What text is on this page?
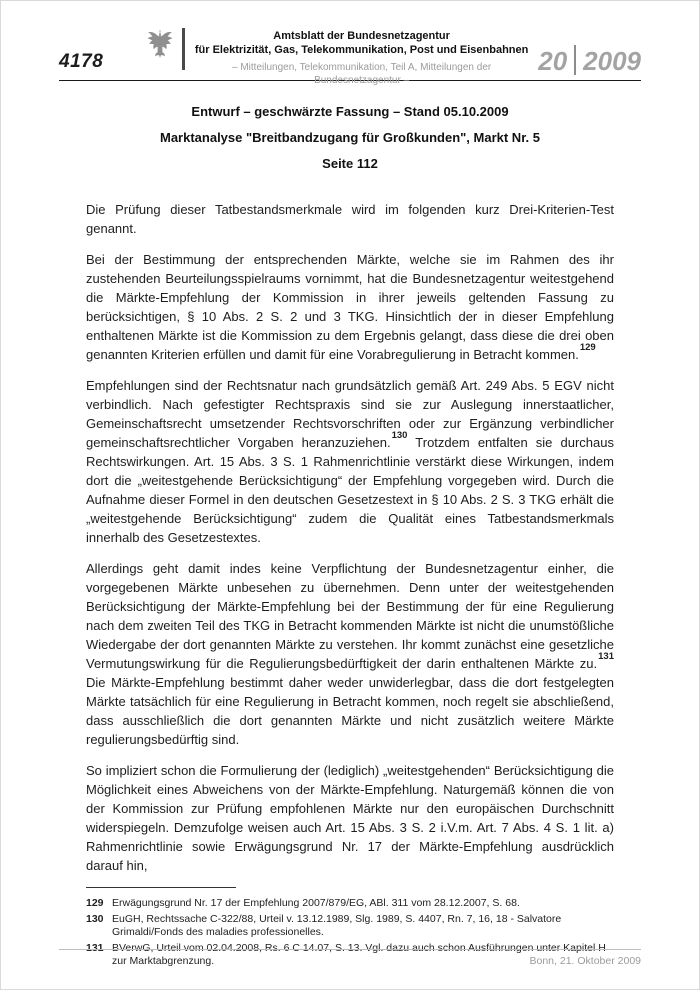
4178
Amtsblatt der Bundesnetzagentur
für Elektrizität, Gas, Telekommunikation, Post und Eisenbahnen
– Mitteilungen, Telekommunikation, Teil A, Mitteilungen der Bundesnetzagentur –
20 2009
Entwurf – geschwärzte Fassung – Stand 05.10.2009
Marktanalyse "Breitbandzugang für Großkunden", Markt Nr. 5
Seite 112

Die Prüfung dieser Tatbestandsmerkmale wird im folgenden kurz Drei-Kriterien-Test genannt.

Bei der Bestimmung der entsprechenden Märkte, welche sie im Rahmen des ihr zustehenden Beurteilungsspielraums vornimmt, hat die Bundesnetzagentur weitestgehend die Märkte-Empfehlung der Kommission in ihrer jeweils geltenden Fassung zu berücksichtigen, § 10 Abs. 2 S. 2 und 3 TKG. Hinsichtlich der in dieser Empfehlung enthaltenen Märkte ist die Kommission zu dem Ergebnis gelangt, dass diese die drei oben genannten Kriterien erfüllen und damit für eine Vorabregulierung in Betracht kommen.$^{129}$

Empfehlungen sind der Rechtsnatur nach grundsätzlich gemäß Art. 249 Abs. 5 EGV nicht verbindlich. Nach gefestigter Rechtspraxis sind sie zur Auslegung innerstaatlicher, Gemeinschaftsrecht umsetzender Rechtsvorschriften oder zur Ergänzung verbindlicher gemeinschaftsrechtlicher Vorgaben heranzuziehen.$^{130}$ Trotzdem entfalten sie durchaus Rechtswirkungen. Art. 15 Abs. 3 S. 1 Rahmenrichtlinie verstärkt diese Wirkungen, indem dort die „weitestgehende Berücksichtigung“ der Empfehlung vorgegeben wird. Durch die Aufnahme dieser Formel in den deutschen Gesetzestext in § 10 Abs. 2 S. 3 TKG erhält die „weitestgehende Berücksichtigung“ zudem die Qualität eines Tatbestandsmerkmals innerhalb des Gesetzestextes.

Allerdings geht damit indes keine Verpflichtung der Bundesnetzagentur einher, die vorgegebenen Märkte unbesehen zu übernehmen. Denn unter der weitestgehenden Berücksichtigung der Märkte-Empfehlung bei der Bestimmung der für eine Regulierung nach dem zweiten Teil des TKG in Betracht kommenden Märkte ist nicht die unumstößliche Wiedergabe der dort genannten Märkte zu verstehen. Ihr kommt zunächst eine gesetzliche Vermutungswirkung für die Regulierungsbedürftigkeit der darin enthaltenen Märkte zu.$^{131}$ Die Märkte-Empfehlung bestimmt daher weder unwiderlegbar, dass die dort festgelegten Märkte tatsächlich für eine Regulierung in Betracht kommen, noch regelt sie abschließend, dass ausschließlich die dort genannten Märkte und nicht zusätzlich weitere Märkte regulierungsbedürftig sind.

So impliziert schon die Formulierung der (lediglich) „weitestgehenden“ Berücksichtigung die Möglichkeit eines Abweichens von der Märkte-Empfehlung. Naturgemäß können die von der Kommission zur Prüfung empfohlenen Märkte nur den europäischen Durchschnitt widerspiegeln. Demzufolge weisen auch Art. 15 Abs. 3 S. 2 i.V.m. Art. 7 Abs. 4 S. 1 lit. a) Rahmenrichtlinie sowie Erwägungsgrund Nr. 17 der Märkte-Empfehlung ausdrücklich darauf hin,

129 Erwägungsgrund Nr. 17 der Empfehlung 2007/879/EG, ABl. 311 vom 28.12.2007, S. 68.
130 EuGH, Rechtssache C-322/88, Urteil v. 13.12.1989, Slg. 1989, S. 4407, Rn. 7, 16, 18 - Salvatore Grimaldi/Fonds des maladies professionelles.
131 BVerwG, Urteil vom 02.04.2008, Rs. 6 C 14.07, S. 13. Vgl. dazu auch schon Ausführungen unter Kapitel H zur Marktabgrenzung.	Bonn, 21. Oktober 2009
